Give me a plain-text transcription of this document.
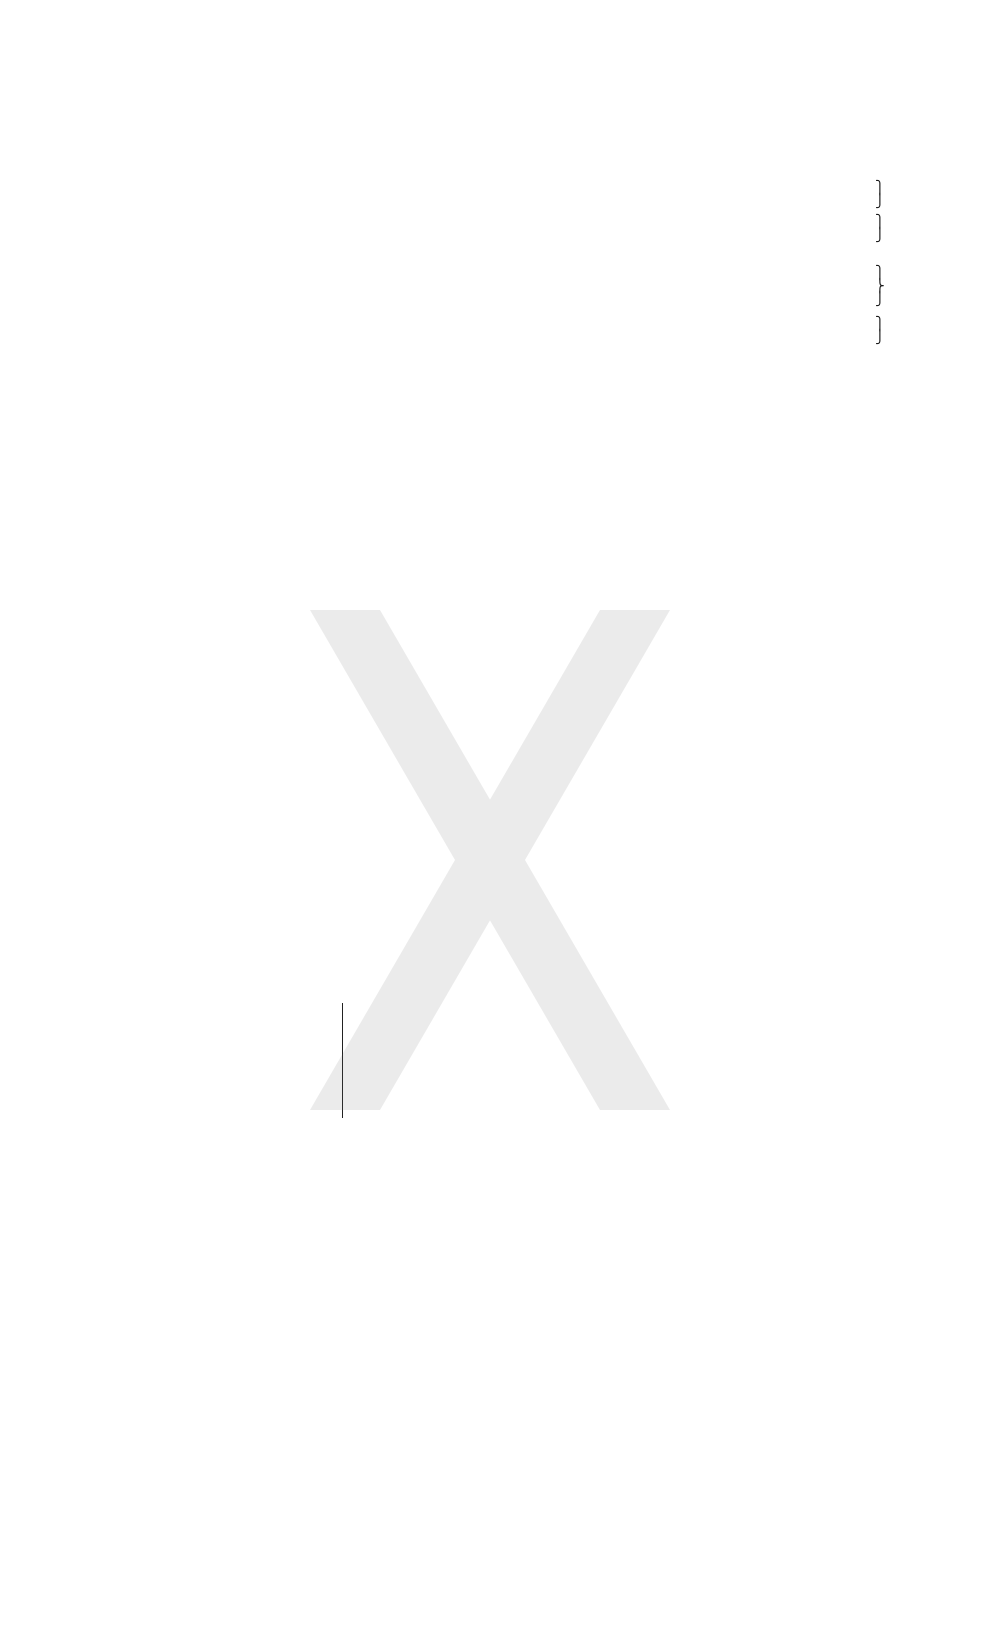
⎫
⎭
⎫
⎭
⎫
⎬
⎭
⎫
⎭
